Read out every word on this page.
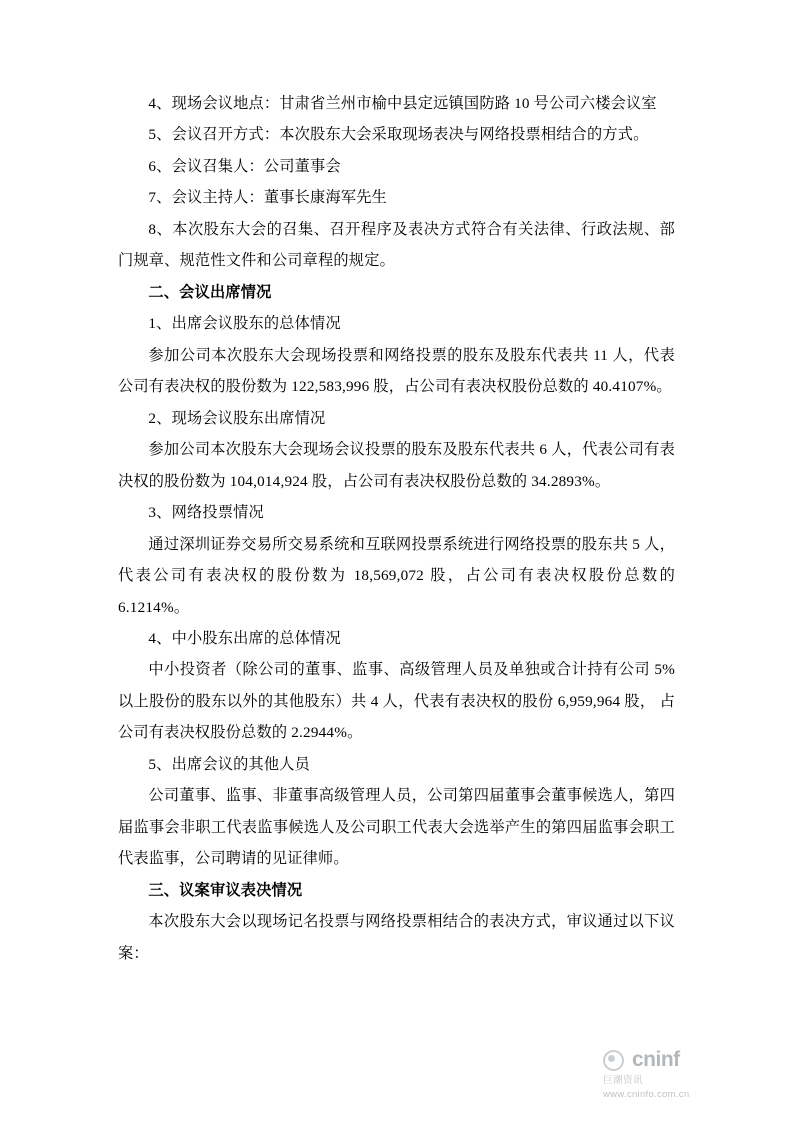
4、现场会议地点：甘肃省兰州市榆中县定远镇国防路 10 号公司六楼会议室

5、会议召开方式：本次股东大会采取现场表决与网络投票相结合的方式。

6、会议召集人：公司董事会

7、会议主持人：董事长康海军先生

8、本次股东大会的召集、召开程序及表决方式符合有关法律、行政法规、部门规章、规范性文件和公司章程的规定。

二、会议出席情况

1、出席会议股东的总体情况

参加公司本次股东大会现场投票和网络投票的股东及股东代表共 11 人，代表公司有表决权的股份数为 122,583,996 股，占公司有表决权股份总数的 40.4107%。

2、现场会议股东出席情况

参加公司本次股东大会现场会议投票的股东及股东代表共 6 人，代表公司有表决权的股份数为 104,014,924 股，占公司有表决权股份总数的 34.2893%。

3、网络投票情况

通过深圳证券交易所交易系统和互联网投票系统进行网络投票的股东共 5 人，代表公司有表决权的股份数为 18,569,072 股，占公司有表决权股份总数的 6.1214%。

4、中小股东出席的总体情况

中小投资者（除公司的董事、监事、高级管理人员及单独或合计持有公司 5% 以上股份的股东以外的其他股东）共 4 人，代表有表决权的股份 6,959,964 股， 占公司有表决权股份总数的 2.2944%。

5、出席会议的其他人员

公司董事、监事、非董事高级管理人员，公司第四届董事会董事候选人，第四届监事会非职工代表监事候选人及公司职工代表大会选举产生的第四届监事会职工代表监事，公司聘请的见证律师。

三、议案审议表决情况

本次股东大会以现场记名投票与网络投票相结合的表决方式，审议通过以下议案：

cninf
巨潮资讯
www.cninfo.com.cn
